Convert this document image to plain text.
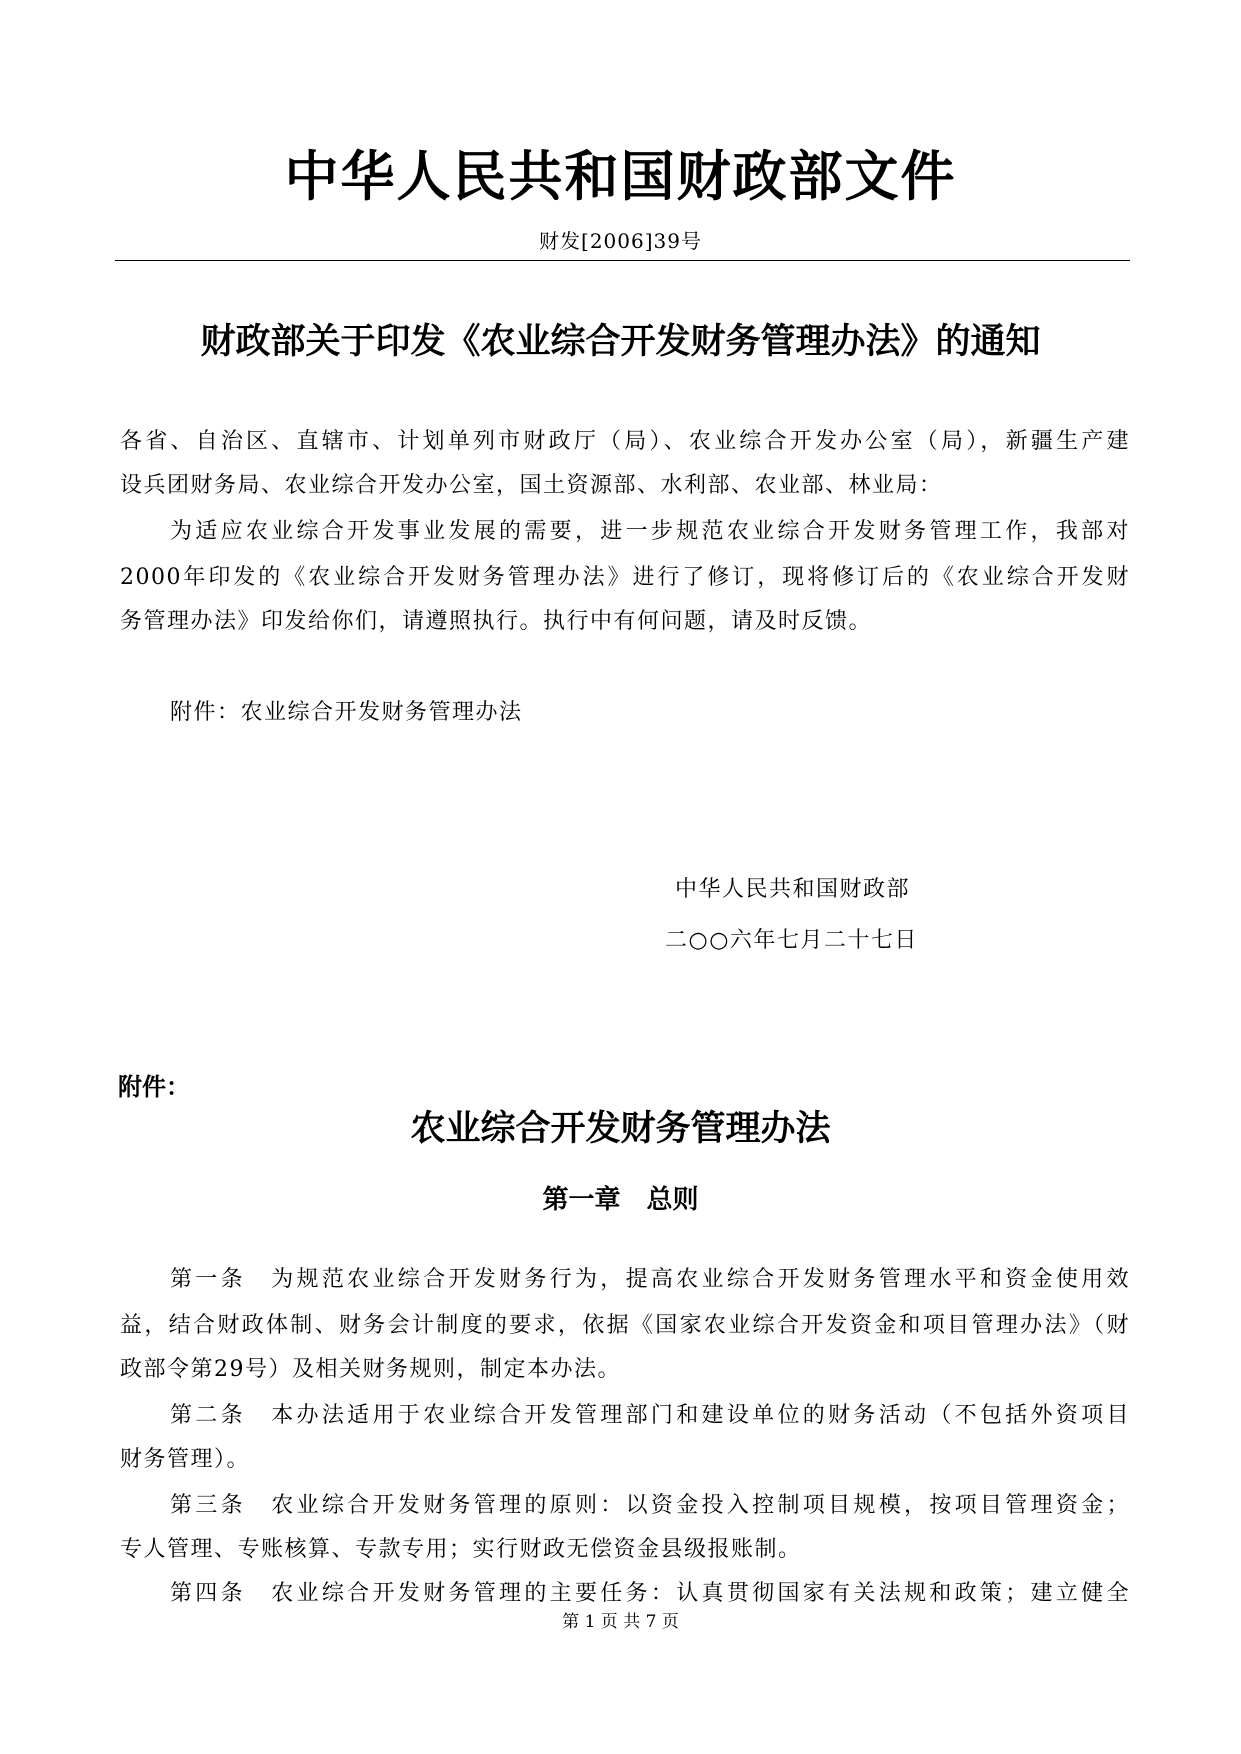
中华人民共和国财政部文件
财发[2006]39号
财政部关于印发《农业综合开发财务管理办法》的通知
各省、自治区、直辖市、计划单列市财政厅（局）、农业综合开发办公室（局），新疆生产建
设兵团财务局、农业综合开发办公室，国土资源部、水利部、农业部、林业局：
为适应农业综合开发事业发展的需要，进一步规范农业综合开发财务管理工作，我部对
2000年印发的《农业综合开发财务管理办法》进行了修订，现将修订后的《农业综合开发财
务管理办法》印发给你们，请遵照执行。执行中有何问题，请及时反馈。
附件：农业综合开发财务管理办法
中华人民共和国财政部
二○○六年七月二十七日
附件：
农业综合开发财务管理办法
第一章　总则
第一条　为规范农业综合开发财务行为，提高农业综合开发财务管理水平和资金使用效
益，结合财政体制、财务会计制度的要求，依据《国家农业综合开发资金和项目管理办法》（财
政部令第29号）及相关财务规则，制定本办法。
第二条　本办法适用于农业综合开发管理部门和建设单位的财务活动（不包括外资项目
财务管理）。
第三条　农业综合开发财务管理的原则：以资金投入控制项目规模，按项目管理资金；
专人管理、专账核算、专款专用；实行财政无偿资金县级报账制。
第四条　农业综合开发财务管理的主要任务：认真贯彻国家有关法规和政策；建立健全
第 1 页 共 7 页
